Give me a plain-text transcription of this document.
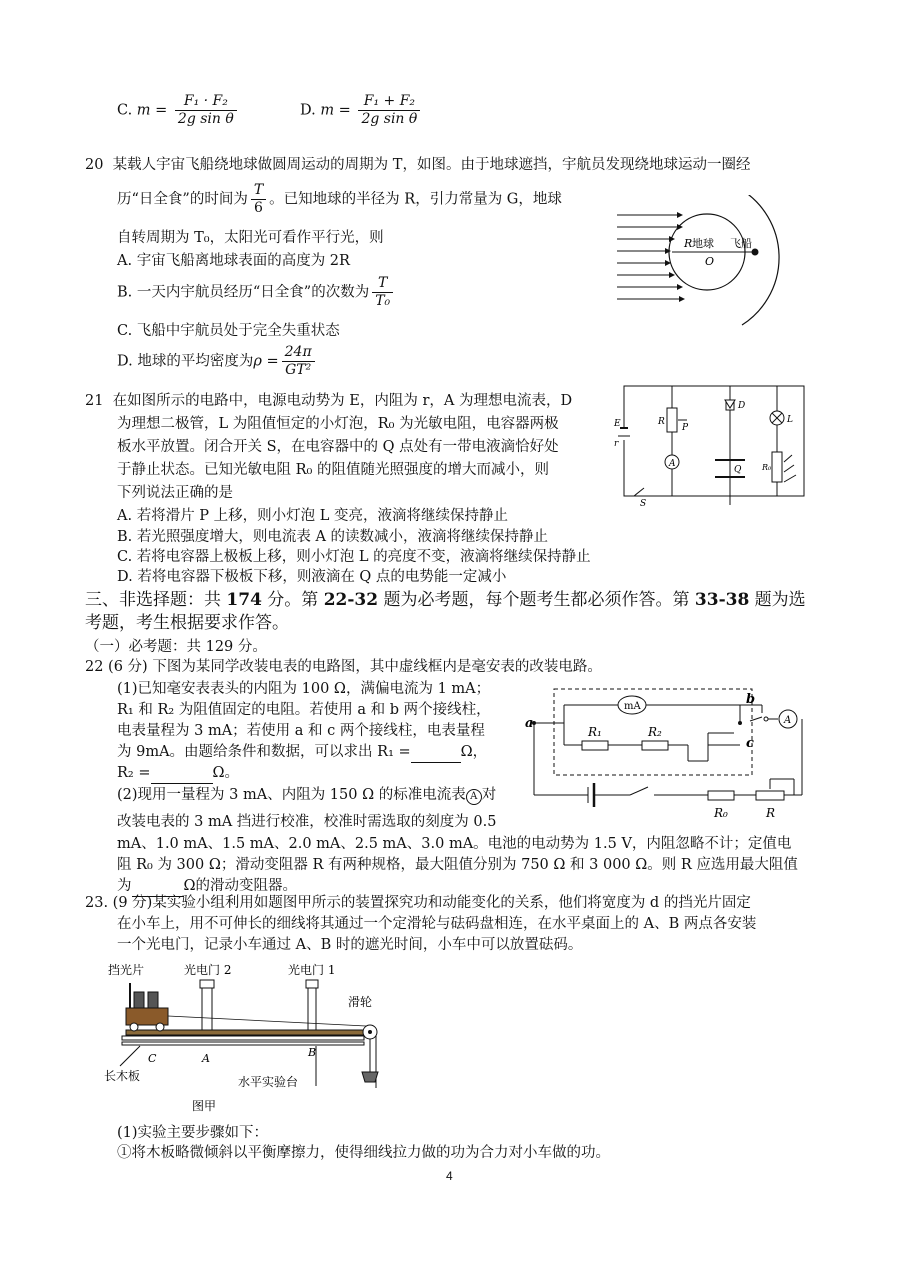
C. $m = \frac{\text{F₁ · F₂}}{\text{2g sin θ}}$	D. $m = \frac{\text{F₁ + F₂}}{\text{2g sin θ}}$
20 某载人宇宙飞船绕地球做圆周运动的周期为 T，如图。由于地球遮挡，宇航员发现绕地球运动一圈经
历“日全食”的时间为 $\frac{T}{6}$ 。已知地球的半径为 R，引力常量为 G，地球
自转周期为 T₀，太阳光可看作平行光，则
A. 宇宙飞船离地球表面的高度为 2R
B. 一天内宇航员经历“日全食”的次数为 $\frac{T}{\text{T₀}}$
C. 飞船中宇航员处于完全失重状态
D. 地球的平均密度为$\rho = \frac{24\pi}{\text{GT²}}$
R 地球
O
飞船
21 在如图所示的电路中，电源电动势为 E，内阻为 r，A 为理想电流表，D
为理想二极管，L 为阻值恒定的小灯泡，R₀ 为光敏电阻，电容器两极
板水平放置。闭合开关 S，在电容器中的 Q 点处有一带电液滴恰好处
于静止状态。已知光敏电阻 R₀ 的阻值随光照强度的增大而减小，则
下列说法正确的是
A. 若将滑片 P 上移，则小灯泡 L 变亮，液滴将继续保持静止
B. 若光照强度增大，则电流表 A 的读数减小，液滴将继续保持静止
C. 若将电容器上极板上移，则小灯泡 L 的亮度不变，液滴将继续保持静止
D. 若将电容器下极板下移，则液滴在 Q 点的电势能一定减小
E
r
R
P
D
L
A
Q	R₀
S
三、非选择题：共 174 分。第 22-32 题为必考题，每个题考生都必须作答。第 33-38 题为选
考题，考生根据要求作答。
（一）必考题：共 129 分。
22 (6 分) 下图为某同学改装电表的电路图，其中虚线框内是毫安表的改装电路。
(1)已知毫安表表头的内阻为 100 Ω，满偏电流为 1 mA；
R₁ 和 R₂ 为阻值固定的电阻。若使用 a 和 b 两个接线柱，
电表量程为 3 mA；若使用 a 和 c 两个接线柱，电表量程
为 9mA。由题给条件和数据，可以求出 R₁ =	Ω，
R₂ =	Ω。
(2)现用一量程为 3 mA、内阻为 150 Ω 的标准电流表 A 对
改装电表的 3 mA 挡进行校准，校准时需选取的刻度为 0.5
mA、1.0 mA、1.5 mA、2.0 mA、2.5 mA、3.0 mA。电池的电动势为 1.5 V，内阻忽略不计；定值电
阻 R₀ 为 300 Ω；滑动变阻器 R 有两种规格，最大阻值分别为 750 Ω 和 3 000 Ω。则 R 应选用最大阻值
为	Ω的滑动变阻器。
mA
A
a
b
c
R₁	R₂
R₀	R
23. (9 分)某实验小组利用如题图甲所示的装置探究功和动能变化的关系，他们将宽度为 d 的挡光片固定
在小车上，用不可伸长的细线将其通过一个定滑轮与砝码盘相连，在水平桌面上的 A、B 两点各安装
一个光电门，记录小车通过 A、B 时的遮光时间，小车中可以放置砝码。
挡光片	光电门 2	光电门 1
滑轮
C	A	B
长木板	水平实验台
图甲
(1)实验主要步骤如下：
①将木板略微倾斜以平衡摩擦力，使得细线拉力做的功为合力对小车做的功。
4
